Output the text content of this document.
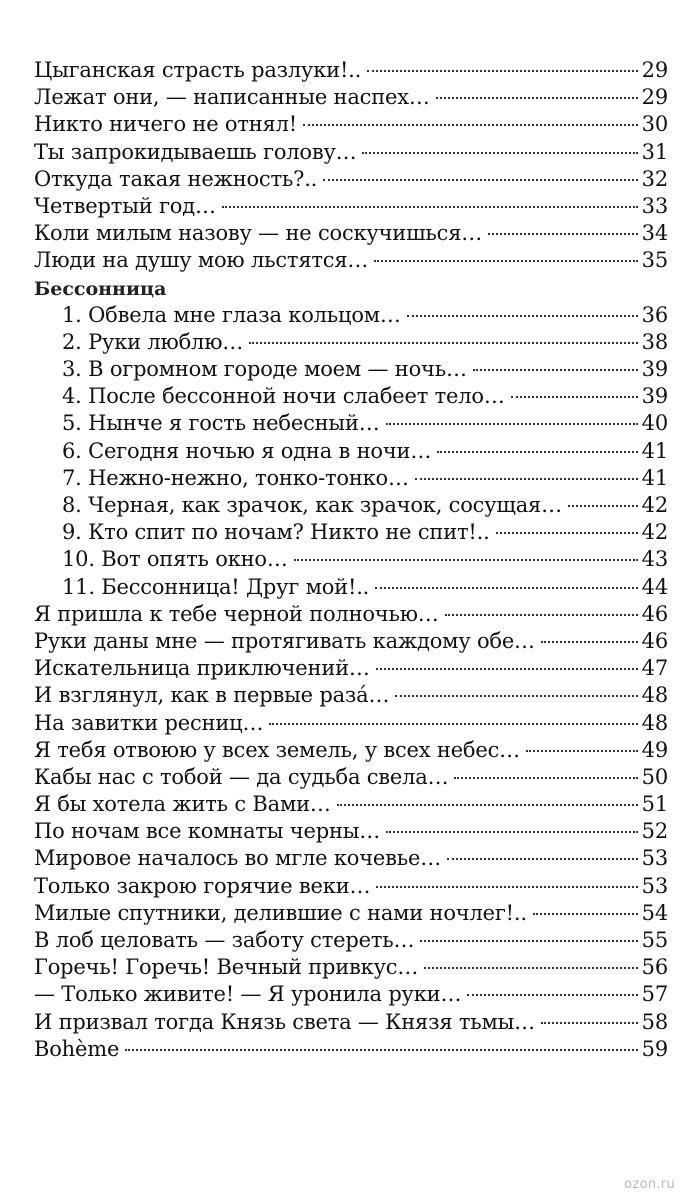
Цыганская страсть разлуки!..	29
Лежат они, — написанные наспех…	29
Никто ничего не отнял!	30
Ты запрокидываешь голову…	31
Откуда такая нежность?..	32
Четвертый год…	33
Коли милым назову — не соскучишься…	34
Люди на душу мою льстятся…	35
Бессонница
1. Обвела мне глаза кольцом…	36
2. Руки люблю…	38
3. В огромном городе моем — ночь…	39
4. После бессонной ночи слабеет тело…	39
5. Нынче я гость небесный…	40
6. Сегодня ночью я одна в ночи…	41
7. Нежно-нежно, тонко-тонко…	41
8. Черная, как зрачок, как зрачок, сосущая…	42
9. Кто спит по ночам? Никто не спит!..	42
10. Вот опять окно…	43
11. Бессонница! Друг мой!..	44
Я пришла к тебе черной полночью…	46
Руки даны мне — протягивать каждому обе…	46
Искательница приключений…	47
И взглянул, как в первые разá…	48
На завитки ресниц…	48
Я тебя отвоюю у всех земель, у всех небес…	49
Кабы нас с тобой — да судьба свела…	50
Я бы хотела жить с Вами…	51
По ночам все комнаты черны…	52
Мировое началось во мгле кочевье…	53
Только закрою горячие веки…	53
Милые спутники, делившие с нами ночлег!..	54
В лоб целовать — заботу стереть…	55
Горечь! Горечь! Вечный привкус…	56
— Только живите! — Я уронила руки…	57
И призвал тогда Князь света — Князя тьмы…	58
Bohème	59
ozon.ru
